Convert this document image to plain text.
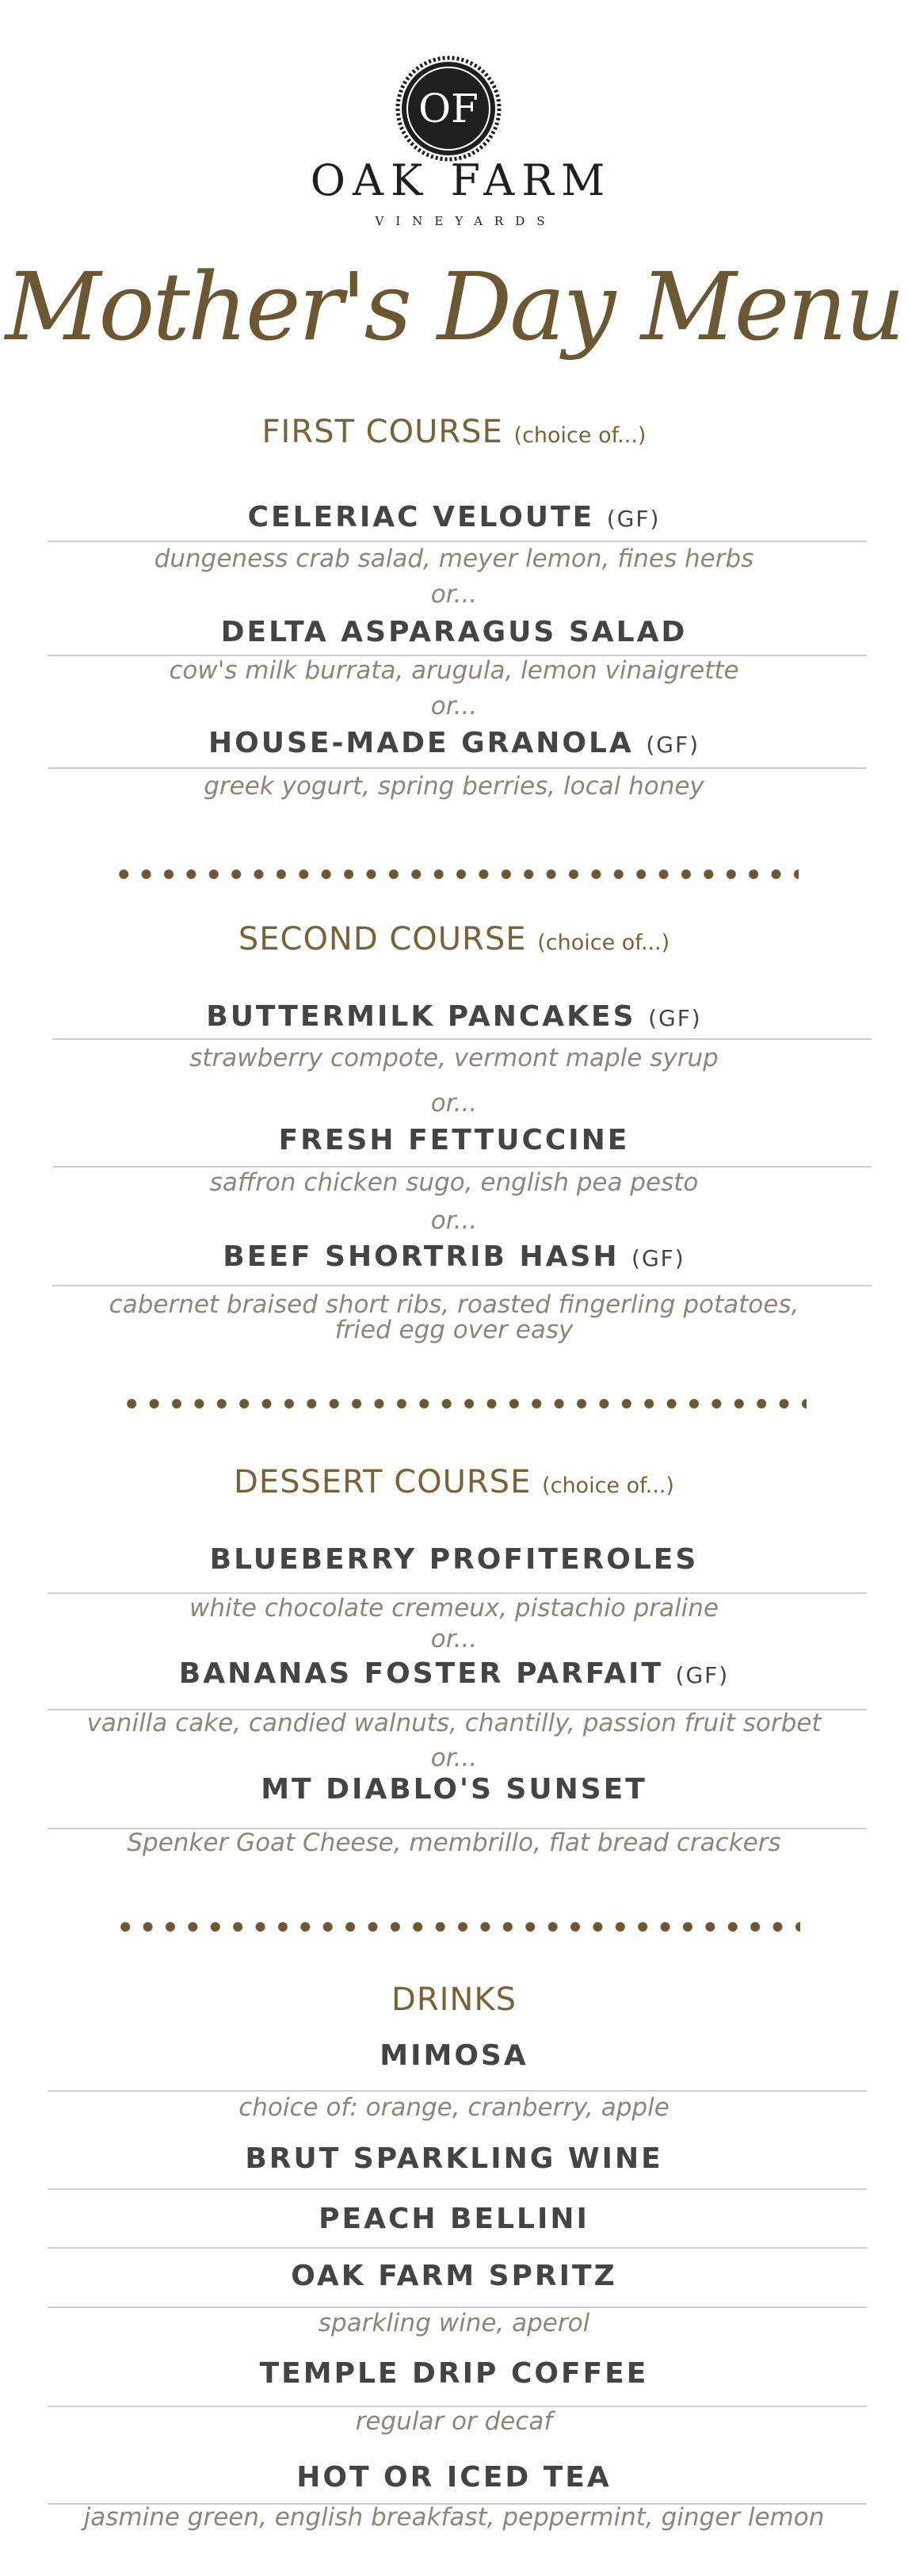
OF
OAK FARM
VINEYARDS
Mother's Day Menu
FIRST COURSE (choice of...)
CELERIAC VELOUTE (GF)
dungeness crab salad, meyer lemon, fines herbs
or...
DELTA ASPARAGUS SALAD
cow's milk burrata, arugula, lemon vinaigrette
or...
HOUSE-MADE GRANOLA (GF)
greek yogurt, spring berries, local honey
SECOND COURSE (choice of...)
BUTTERMILK PANCAKES (GF)
strawberry compote, vermont maple syrup
or...
FRESH FETTUCCINE
saffron chicken sugo, english pea pesto
or...
BEEF SHORTRIB HASH (GF)
cabernet braised short ribs, roasted fingerling potatoes,
fried egg over easy
DESSERT COURSE (choice of...)
BLUEBERRY PROFITEROLES
white chocolate cremeux, pistachio praline
or...
BANANAS FOSTER PARFAIT (GF)
vanilla cake, candied walnuts, chantilly, passion fruit sorbet
or...
MT DIABLO'S SUNSET
Spenker Goat Cheese, membrillo, flat bread crackers
DRINKS
MIMOSA
choice of: orange, cranberry, apple
BRUT SPARKLING WINE
PEACH BELLINI
OAK FARM SPRITZ
sparkling wine, aperol
TEMPLE DRIP COFFEE
regular or decaf
HOT OR ICED TEA
jasmine green, english breakfast, peppermint, ginger lemon
